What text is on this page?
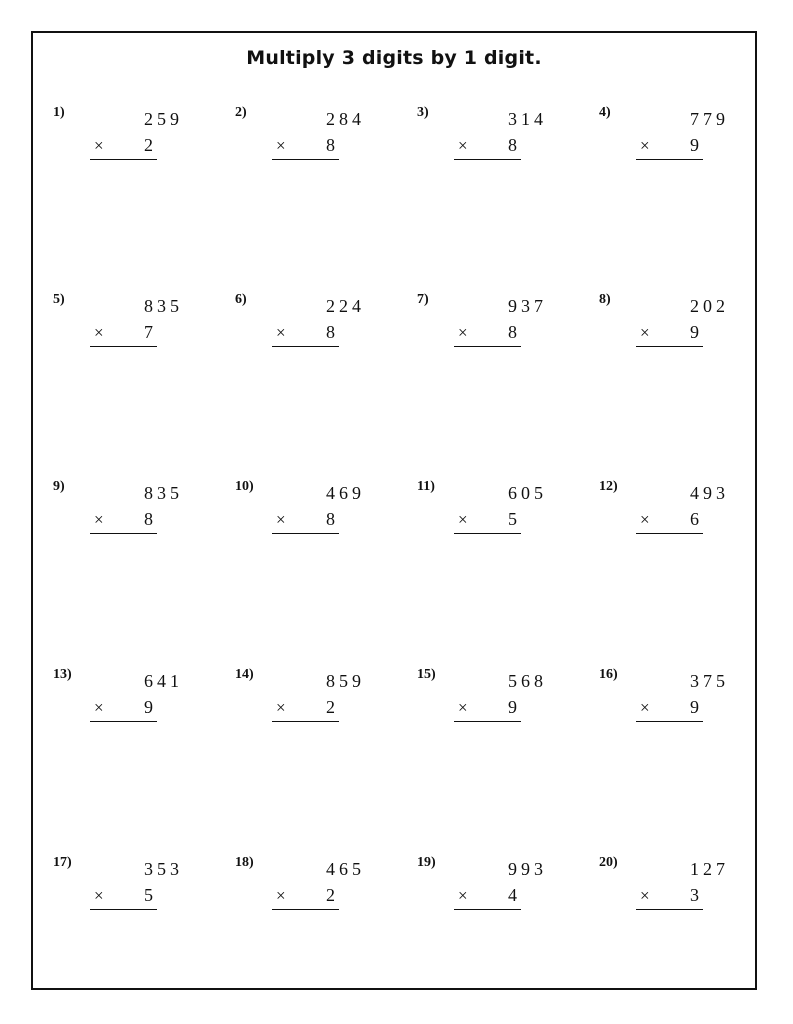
Multiply 3 digits by 1 digit.
1)	259
× 2
2)	284
× 8
3)	314
× 8
4)	779
× 9
5)	835
× 7
6)	224
× 8
7)	937
× 8
8)	202
× 9
9)	835
× 8
10)	469
× 8
11)	605
× 5
12)	493
× 6
13)	641
× 9
14)	859
× 2
15)	568
× 9
16)	375
× 9
17)	353
× 5
18)	465
× 2
19)	993
× 4
20)	127
× 3
